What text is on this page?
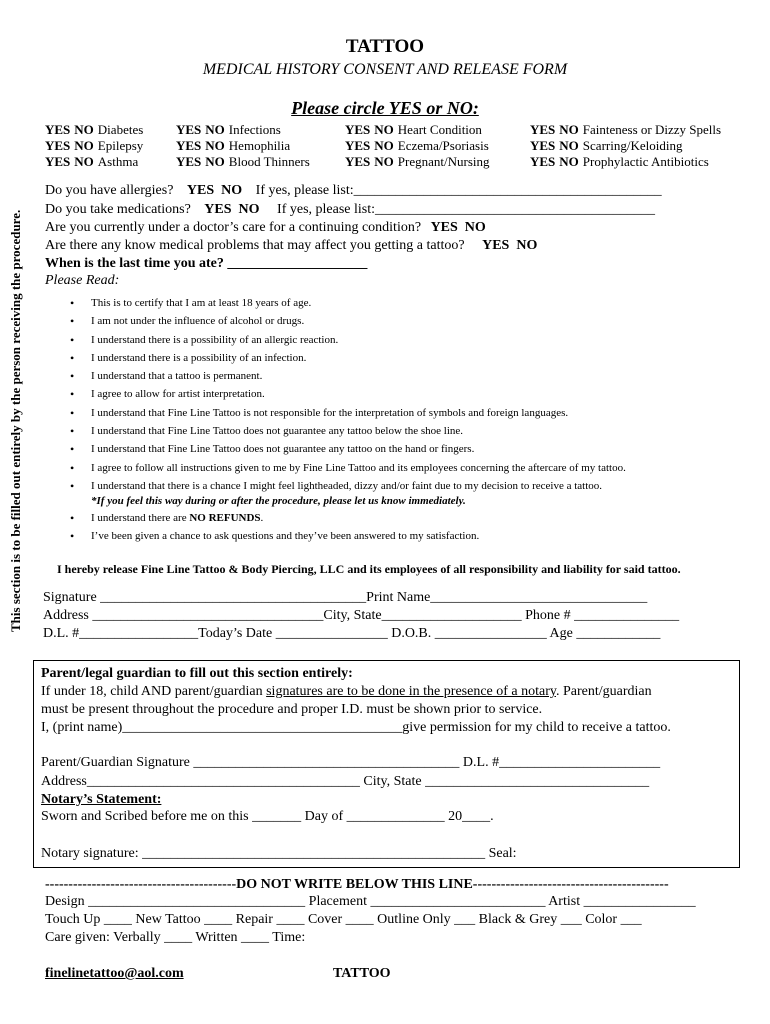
TATTOO
MEDICAL HISTORY CONSENT AND RELEASE FORM
Please circle YES or NO:
This section is to be filled out entirely by the person receiving the procedure.
YES NO Diabetes
YES NO Epilepsy
YES NO Asthma
YES NO Infections
YES NO Hemophilia
YES NO Blood Thinners
YES NO Heart Condition
YES NO Eczema/Psoriasis
YES NO Pregnant/Nursing
YES NO Fainteness or Dizzy Spells
YES NO Scarring/Keloiding
YES NO Prophylactic Antibiotics
Do you have allergies? YES NO If yes, please list:____________________________________________
Do you take medications? YES NO If yes, please list:________________________________________
Are you currently under a doctor’s care for a continuing condition? YES NO
Are there any know medical problems that may affect you getting a tattoo? YES NO
When is the last time you ate? ____________________
Please Read:
• This is to certify that I am at least 18 years of age.
• I am not under the influence of alcohol or drugs.
• I understand there is a possibility of an allergic reaction.
• I understand there is a possibility of an infection.
• I understand that a tattoo is permanent.
• I agree to allow for artist interpretation.
• I understand that Fine Line Tattoo is not responsible for the interpretation of symbols and foreign languages.
• I understand that Fine Line Tattoo does not guarantee any tattoo below the shoe line.
• I understand that Fine Line Tattoo does not guarantee any tattoo on the hand or fingers.
• I agree to follow all instructions given to me by Fine Line Tattoo and its employees concerning the aftercare of my tattoo.
• I understand that there is a chance I might feel lightheaded, dizzy and/or faint due to my decision to receive a tattoo.
*If you feel this way during or after the procedure, please let us know immediately.
• I understand there are NO REFUNDS.
• I’ve been given a chance to ask questions and they’ve been answered to my satisfaction.
I hereby release Fine Line Tattoo & Body Piercing, LLC and its employees of all responsibility and liability for said tattoo.
Signature ______________________________________Print Name_______________________________
Address _________________________________City, State____________________ Phone # _______________
D.L. #_________________Today’s Date ________________ D.O.B. ________________ Age ____________
Parent/legal guardian to fill out this section entirely:
If under 18, child AND parent/guardian signatures are to be done in the presence of a notary. Parent/guardian
must be present throughout the procedure and proper I.D. must be shown prior to service.
I, (print name)________________________________________give permission for my child to receive a tattoo.
Parent/Guardian Signature ______________________________________ D.L. #_______________________
Address_______________________________________ City, State ________________________________
Notary’s Statement:
Sworn and Scribed before me on this _______ Day of ______________ 20____.
Notary signature: _________________________________________________ Seal:
-----------------------------------------DO NOT WRITE BELOW THIS LINE------------------------------------------
Design _______________________________ Placement _________________________ Artist ________________
Touch Up ____ New Tattoo ____ Repair ____ Cover ____ Outline Only ___ Black & Grey ___ Color ___
Care given: Verbally ____ Written ____ Time:
finelinetattoo@aol.com	TATTOO
